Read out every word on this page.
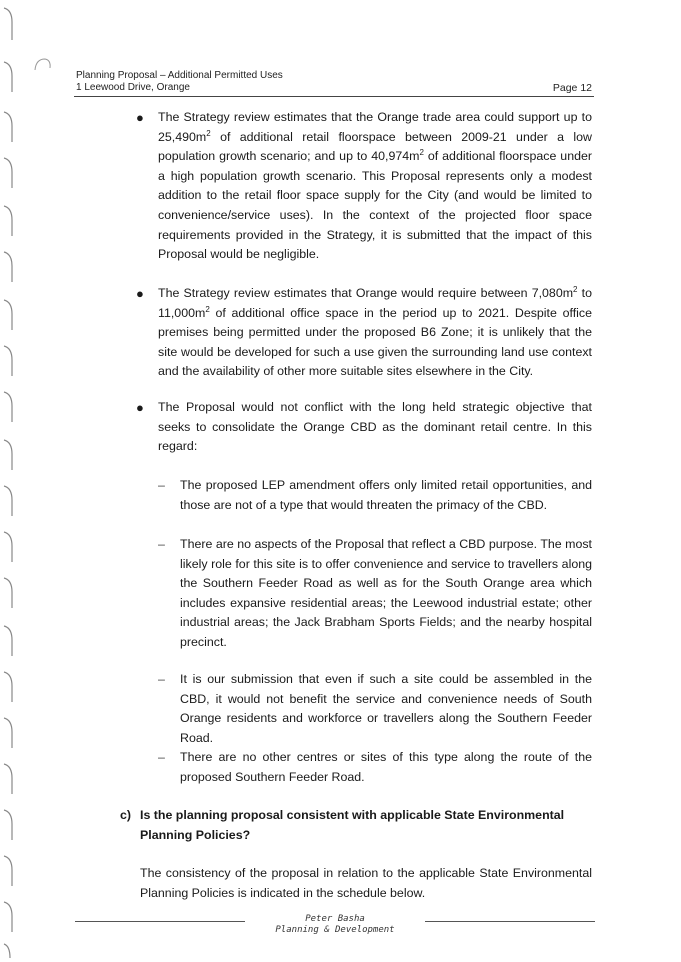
Planning Proposal – Additional Permitted Uses
1 Leewood Drive, Orange	Page 12
● The Strategy review estimates that the Orange trade area could support up to $25,490m^2$ of additional retail floorspace between 2009-21 under a low population growth scenario; and up to $40,974m^2$ of additional floorspace under a high population growth scenario. This Proposal represents only a modest addition to the retail floor space supply for the City (and would be limited to convenience/service uses). In the context of the projected floor space requirements provided in the Strategy, it is submitted that the impact of this Proposal would be negligible.
● The Strategy review estimates that Orange would require between $7,080m^2$ to $11,000m^2$ of additional office space in the period up to 2021. Despite office premises being permitted under the proposed B6 Zone; it is unlikely that the site would be developed for such a use given the surrounding land use context and the availability of other more suitable sites elsewhere in the City.
● The Proposal would not conflict with the long held strategic objective that seeks to consolidate the Orange CBD as the dominant retail centre. In this regard:
– The proposed LEP amendment offers only limited retail opportunities, and those are not of a type that would threaten the primacy of the CBD.
– There are no aspects of the Proposal that reflect a CBD purpose. The most likely role for this site is to offer convenience and service to travellers along the Southern Feeder Road as well as for the South Orange area which includes expansive residential areas; the Leewood industrial estate; other industrial areas; the Jack Brabham Sports Fields; and the nearby hospital precinct.
– It is our submission that even if such a site could be assembled in the CBD, it would not benefit the service and convenience needs of South Orange residents and workforce or travellers along the Southern Feeder Road.
– There are no other centres or sites of this type along the route of the proposed Southern Feeder Road.
c) Is the planning proposal consistent with applicable State Environmental Planning Policies?
The consistency of the proposal in relation to the applicable State Environmental Planning Policies is indicated in the schedule below.
Peter Basha
Planning & Development
